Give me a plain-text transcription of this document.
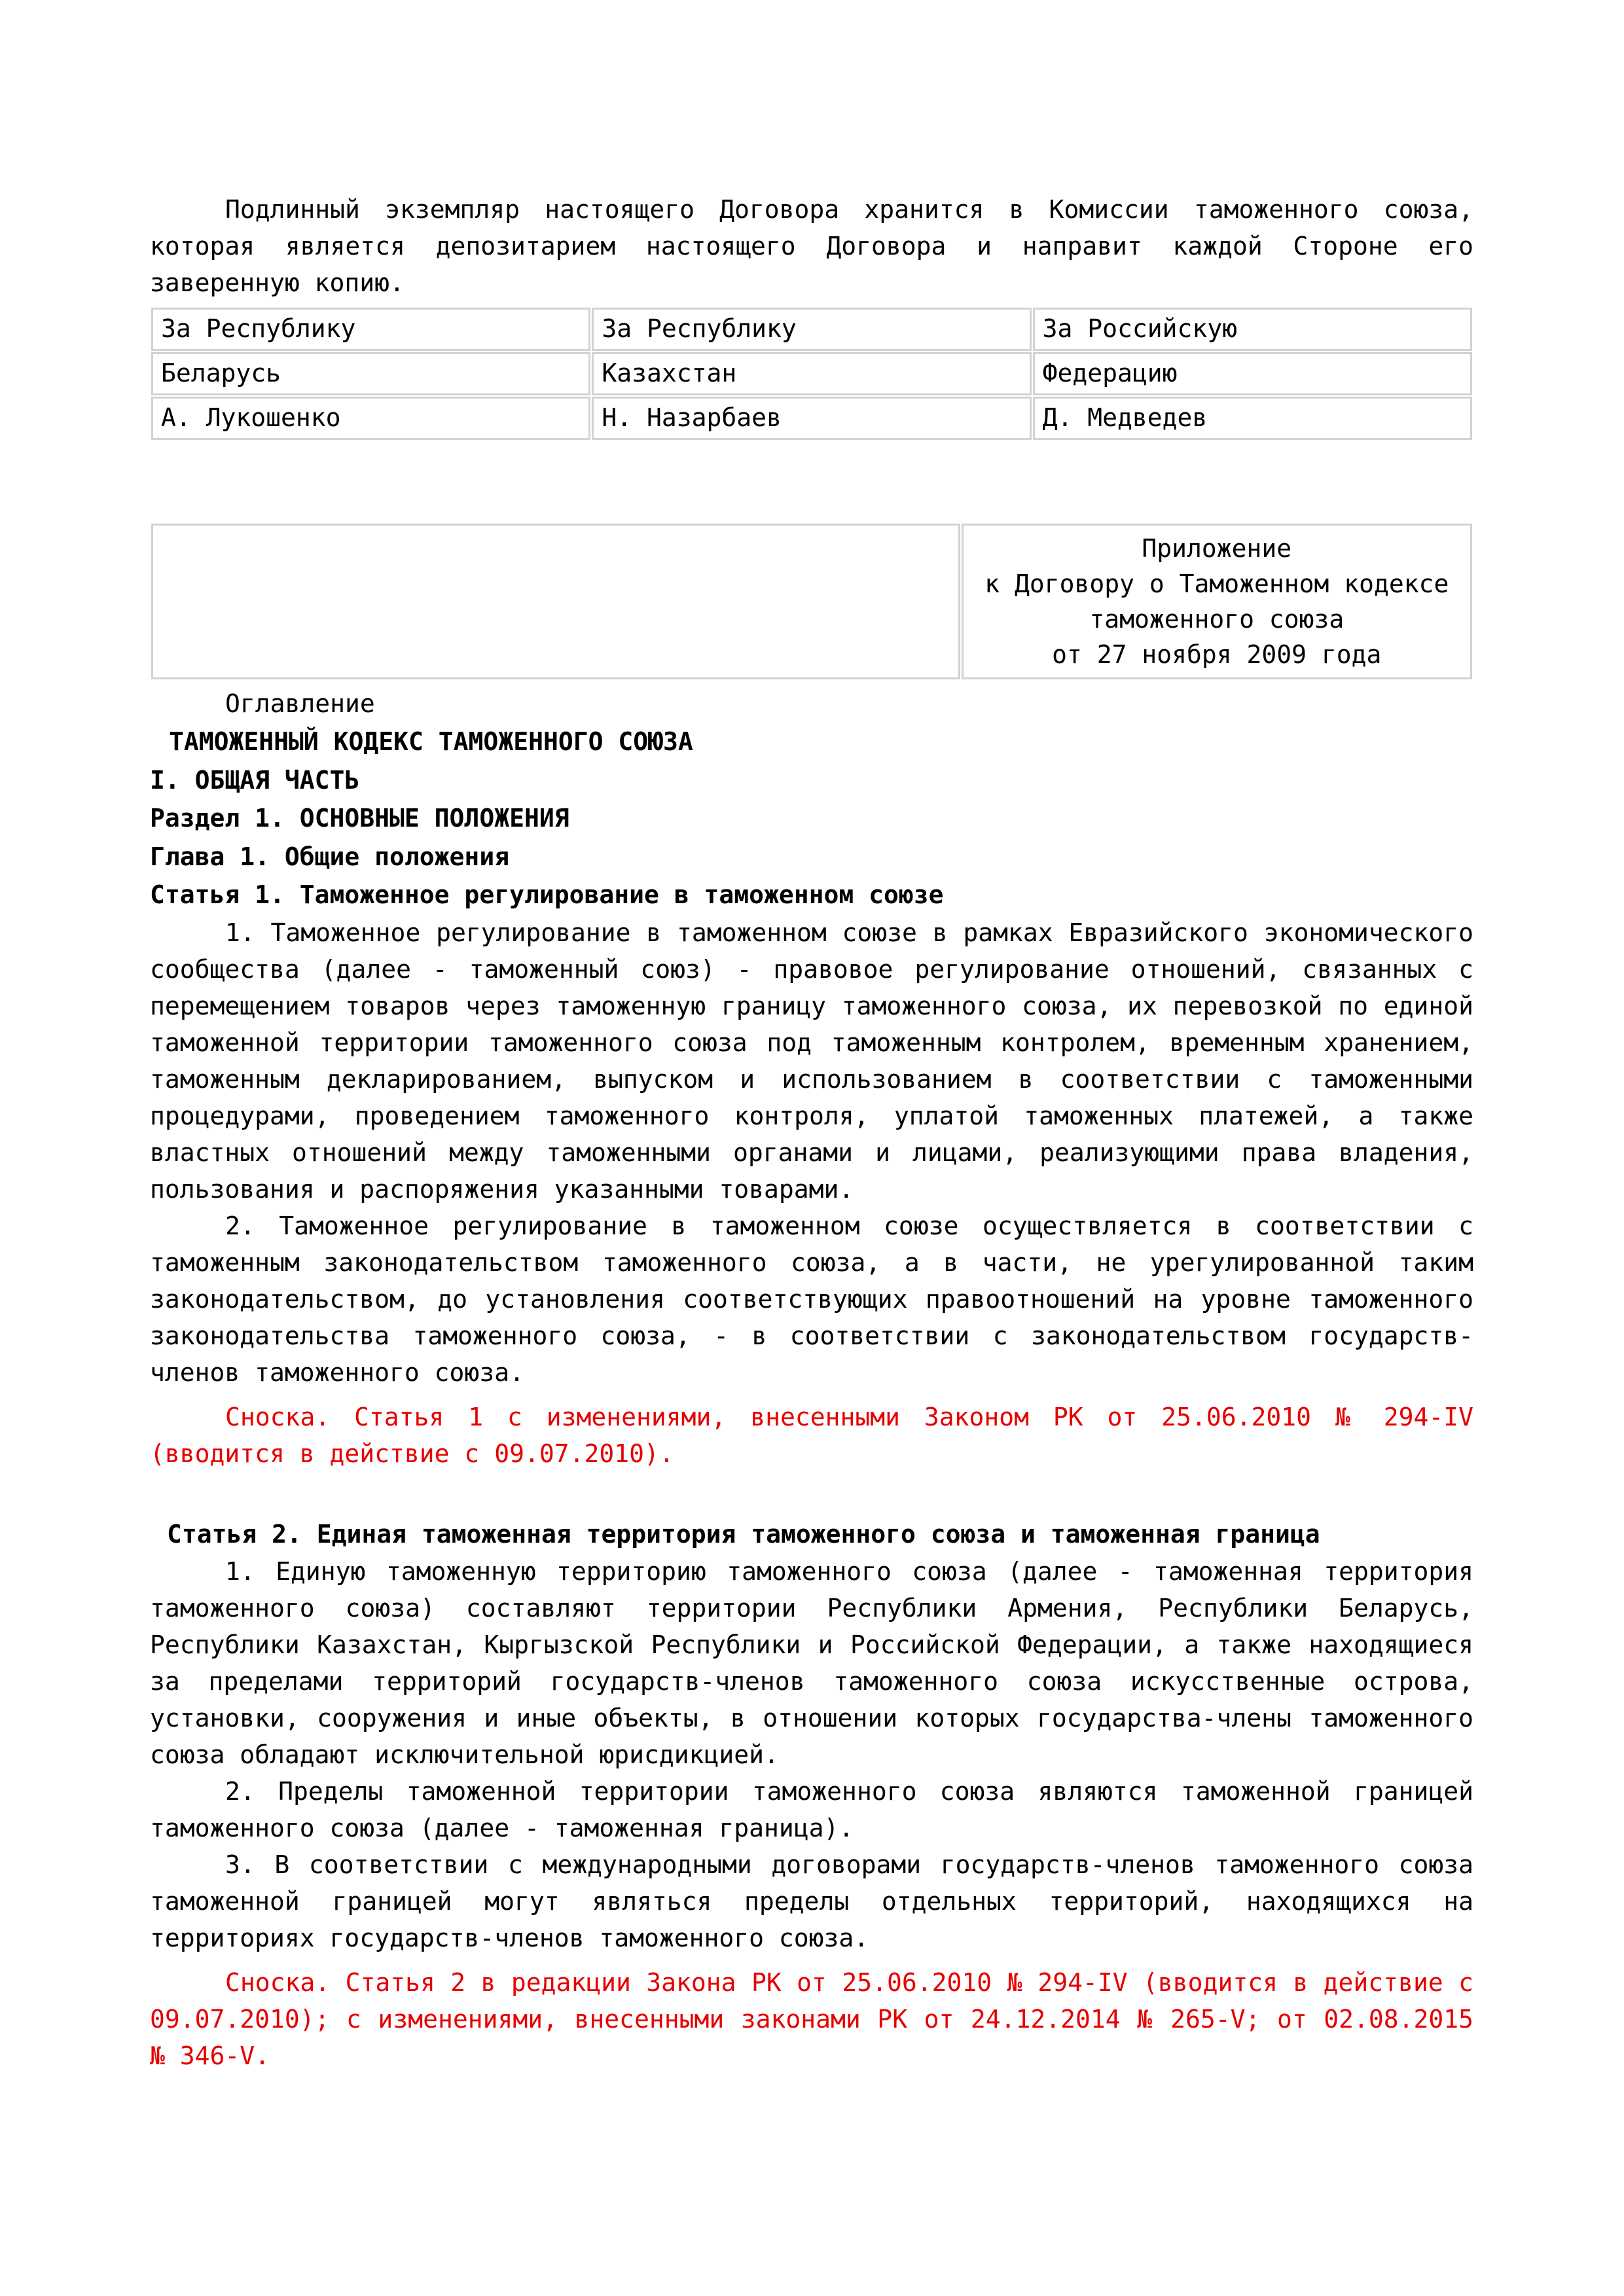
Подлинный экземпляр настоящего Договора хранится в Комиссии таможенного союза, которая является депозитарием настоящего Договора и направит каждой Стороне его заверенную копию.

За Республику	За Республику	За Российскую
Беларусь	Казахстан	Федерацию
А. Лукошенко	Н. Назарбаев	Д. Медведев

Приложение
к Договору о Таможенном кодексе
таможенного союза
от 27 ноября 2009 года

Оглавление

ТАМОЖЕННЫЙ КОДЕКС ТАМОЖЕННОГО СОЮЗА
I. ОБЩАЯ ЧАСТЬ
Раздел 1. ОСНОВНЫЕ ПОЛОЖЕНИЯ
Глава 1. Общие положения
Статья 1. Таможенное регулирование в таможенном союзе

1. Таможенное регулирование в таможенном союзе в рамках Евразийского экономического сообщества (далее - таможенный союз) - правовое регулирование отношений, связанных с перемещением товаров через таможенную границу таможенного союза, их перевозкой по единой таможенной территории таможенного союза под таможенным контролем, временным хранением, таможенным декларированием, выпуском и использованием в соответствии с таможенными процедурами, проведением таможенного контроля, уплатой таможенных платежей, а также властных отношений между таможенными органами и лицами, реализующими права владения, пользования и распоряжения указанными товарами.

2. Таможенное регулирование в таможенном союзе осуществляется в соответствии с таможенным законодательством таможенного союза, а в части, не урегулированной таким законодательством, до установления соответствующих правоотношений на уровне таможенного законодательства таможенного союза, - в соответствии с законодательством государств-членов таможенного союза.

Сноска. Статья 1 с изменениями, внесенными Законом РК от 25.06.2010 № 294-IV (вводится в действие с 09.07.2010).

Статья 2. Единая таможенная территория таможенного союза и таможенная граница

1. Единую таможенную территорию таможенного союза (далее - таможенная территория таможенного союза) составляют территории Республики Армения, Республики Беларусь, Республики Казахстан, Кыргызской Республики и Российской Федерации, а также находящиеся за пределами территорий государств-членов таможенного союза искусственные острова, установки, сооружения и иные объекты, в отношении которых государства-члены таможенного союза обладают исключительной юрисдикцией.

2. Пределы таможенной территории таможенного союза являются таможенной границей таможенного союза (далее - таможенная граница).

3. В соответствии с международными договорами государств-членов таможенного союза таможенной границей могут являться пределы отдельных территорий, находящихся на территориях государств-членов таможенного союза.

Сноска. Статья 2 в редакции Закона РК от 25.06.2010 № 294-IV (вводится в действие с 09.07.2010); с изменениями, внесенными законами РК от 24.12.2014 № 265-V; от 02.08.2015 № 346-V.
